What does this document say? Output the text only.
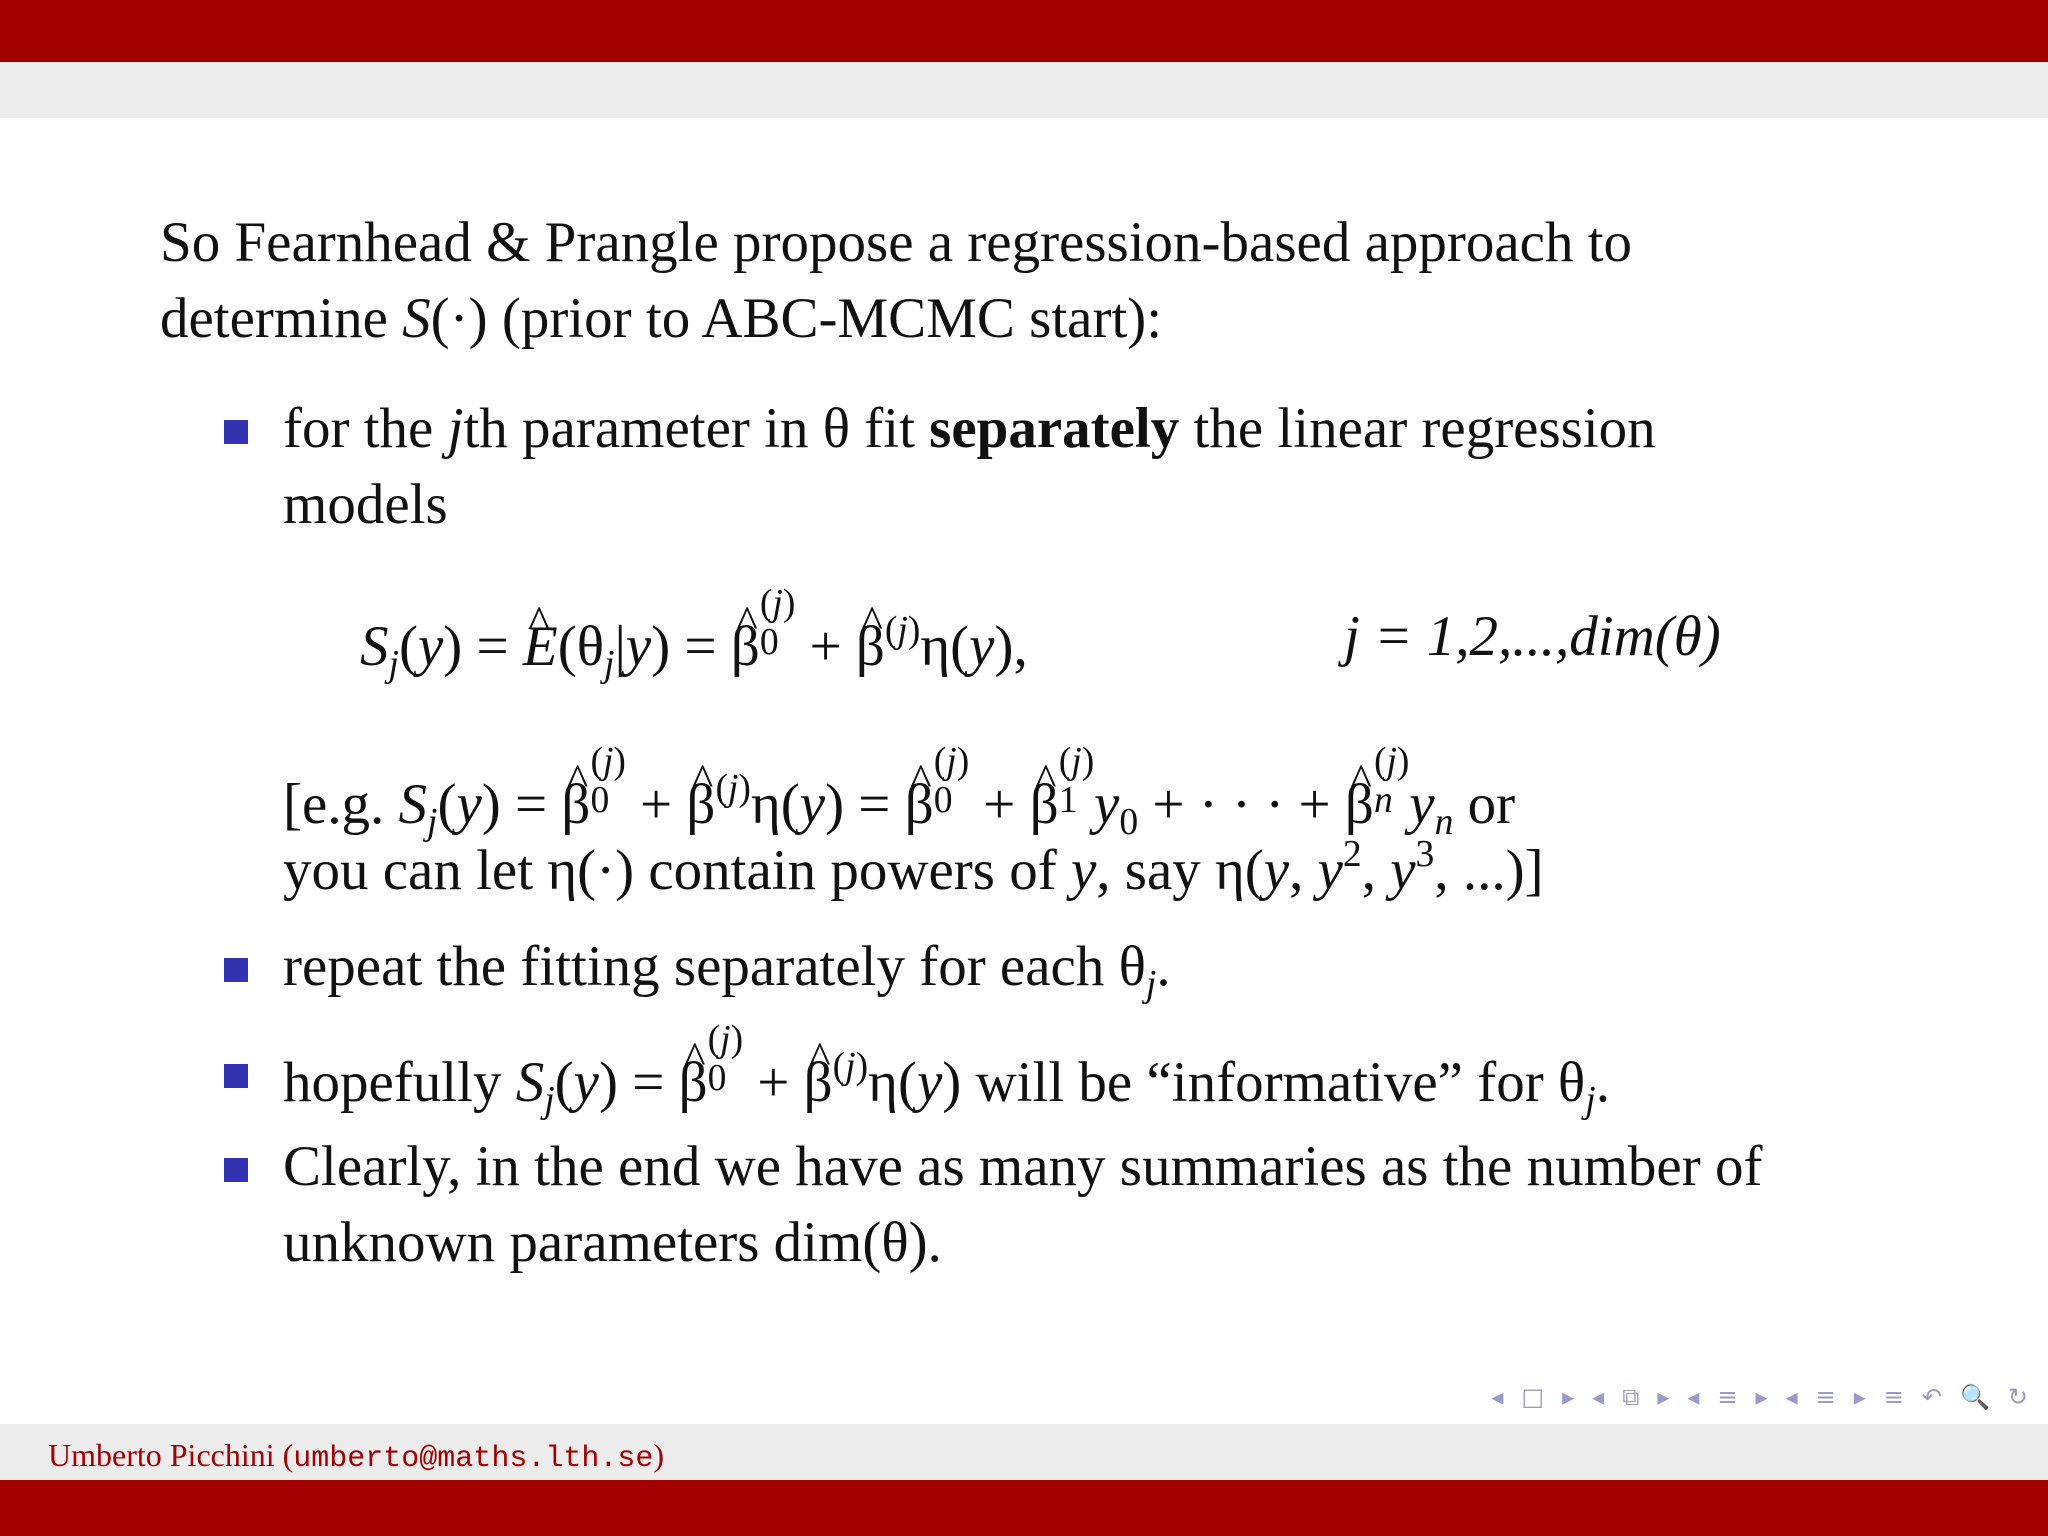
So Fearnhead & Prangle propose a regression-based approach to
determine S(·) (prior to ABC-MCMC start):
for the jth parameter in θ fit separately the linear regression
models
$S_j(y)$ = ^ $E(\theta_j|y)$ = ^ β
(j)
0 + ^ $\beta^{(j)}\eta(y)$,	j = 1,2,...,dim(θ)
[e.g. $S_j(y)$ = ^ β
(j)
0 + ^ $\beta^{(j)}\eta(y)$ = ^ β
(j)
0 + ^ β
(j)
1 $y_0$ + · · · + ^ β
(j)
n $y_n$ or
you can let η(·) contain powers of y, say η(y, $y^2$, $y^3$, ...)]
repeat the fitting separately for each $\theta_j$.
hopefully $S_j(y)$ = ^ β
(j)
0 + ^ $\beta^{(j)}\eta(y)$ will be “informative” for $\theta_j$.
Clearly, in the end we have as many summaries as the number of
unknown parameters dim(θ).
◂ □ ▸ ◂ ⧉ ▸ ◂ ≡ ▸ ◂ ≡ ▸ ≡ ↶ 🔍 ↻
Umberto Picchini (umberto@maths.lth.se)
